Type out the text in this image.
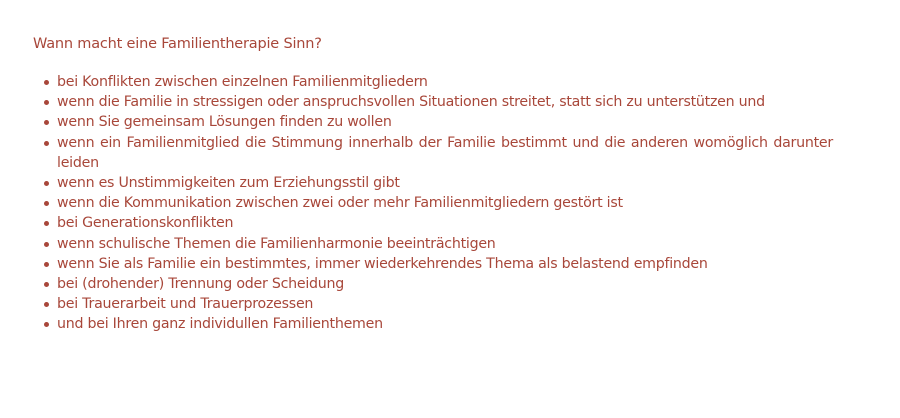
Wann macht eine Familientherapie Sinn?

bei Konflikten zwischen einzelnen Familienmitgliedern
wenn die Familie in stressigen oder anspruchsvollen Situationen streitet, statt sich zu unterstützen und
wenn Sie gemeinsam Lösungen finden zu wollen
wenn ein Familienmitglied die Stimmung innerhalb der Familie bestimmt und die anderen womöglich darunter leiden
wenn es Unstimmigkeiten zum Erziehungsstil gibt
wenn die Kommunikation zwischen zwei oder mehr Familienmitgliedern gestört ist
bei Generationskonflikten
wenn schulische Themen die Familienharmonie beeinträchtigen
wenn Sie als Familie ein bestimmtes, immer wiederkehrendes Thema als belastend empfinden
bei (drohender) Trennung oder Scheidung
bei Trauerarbeit und Trauerprozessen
und bei Ihren ganz individullen Familienthemen
